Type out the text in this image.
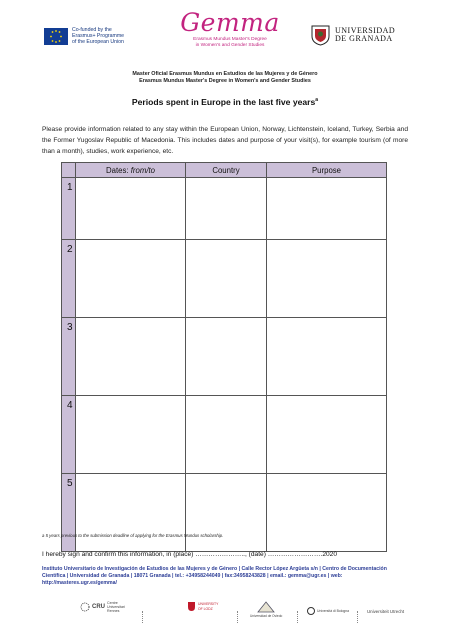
Co-funded by the
Erasmus+ Programme
of the European Union
Gemma
Erasmus Mundus Master's Degree
in Women's and Gender Studies
UNIVERSIDAD
DE GRANADA
Master Oficial Erasmus Mundus en Estudios de las Mujeres y de Género
Erasmus Mundus Master's Degree in Women's and Gender Studies
Periods spent in Europe in the last five years$^a$
Please provide information related to any stay within the European Union, Norway, Lichtenstein, Iceland, Turkey, Serbia and the Former Yugoslav Republic of Macedonia. This includes dates and purpose of your visit(s), for example tourism (of more than a month), studies, work experience, etc.
	Dates: from/to	Country	Purpose
1			
2			
3			
4			
5			
a 5 years previous to the submission deadline of applying for the Erasmus Mundus scholarship.
I hereby sign and confirm this information, in (place) ………………….., (date) …………………….2020
Instituto Universitario de Investigación de Estudios de las Mujeres y de Género | Calle Rector López Argüeta s/n | Centro de Documentación Científica | Universidad de Granada | 18071 Granada | tel.: +34958244049 | fax:34958243828 | email.: gemma@ugr.es | web: http://masteres.ugr.es/gemma/
CRU
Centre
Universitari
Rennes
UNIVERSITY OF LODZ
Universidad de Oviedo
Università di Bologna	Universiteit Utrecht
